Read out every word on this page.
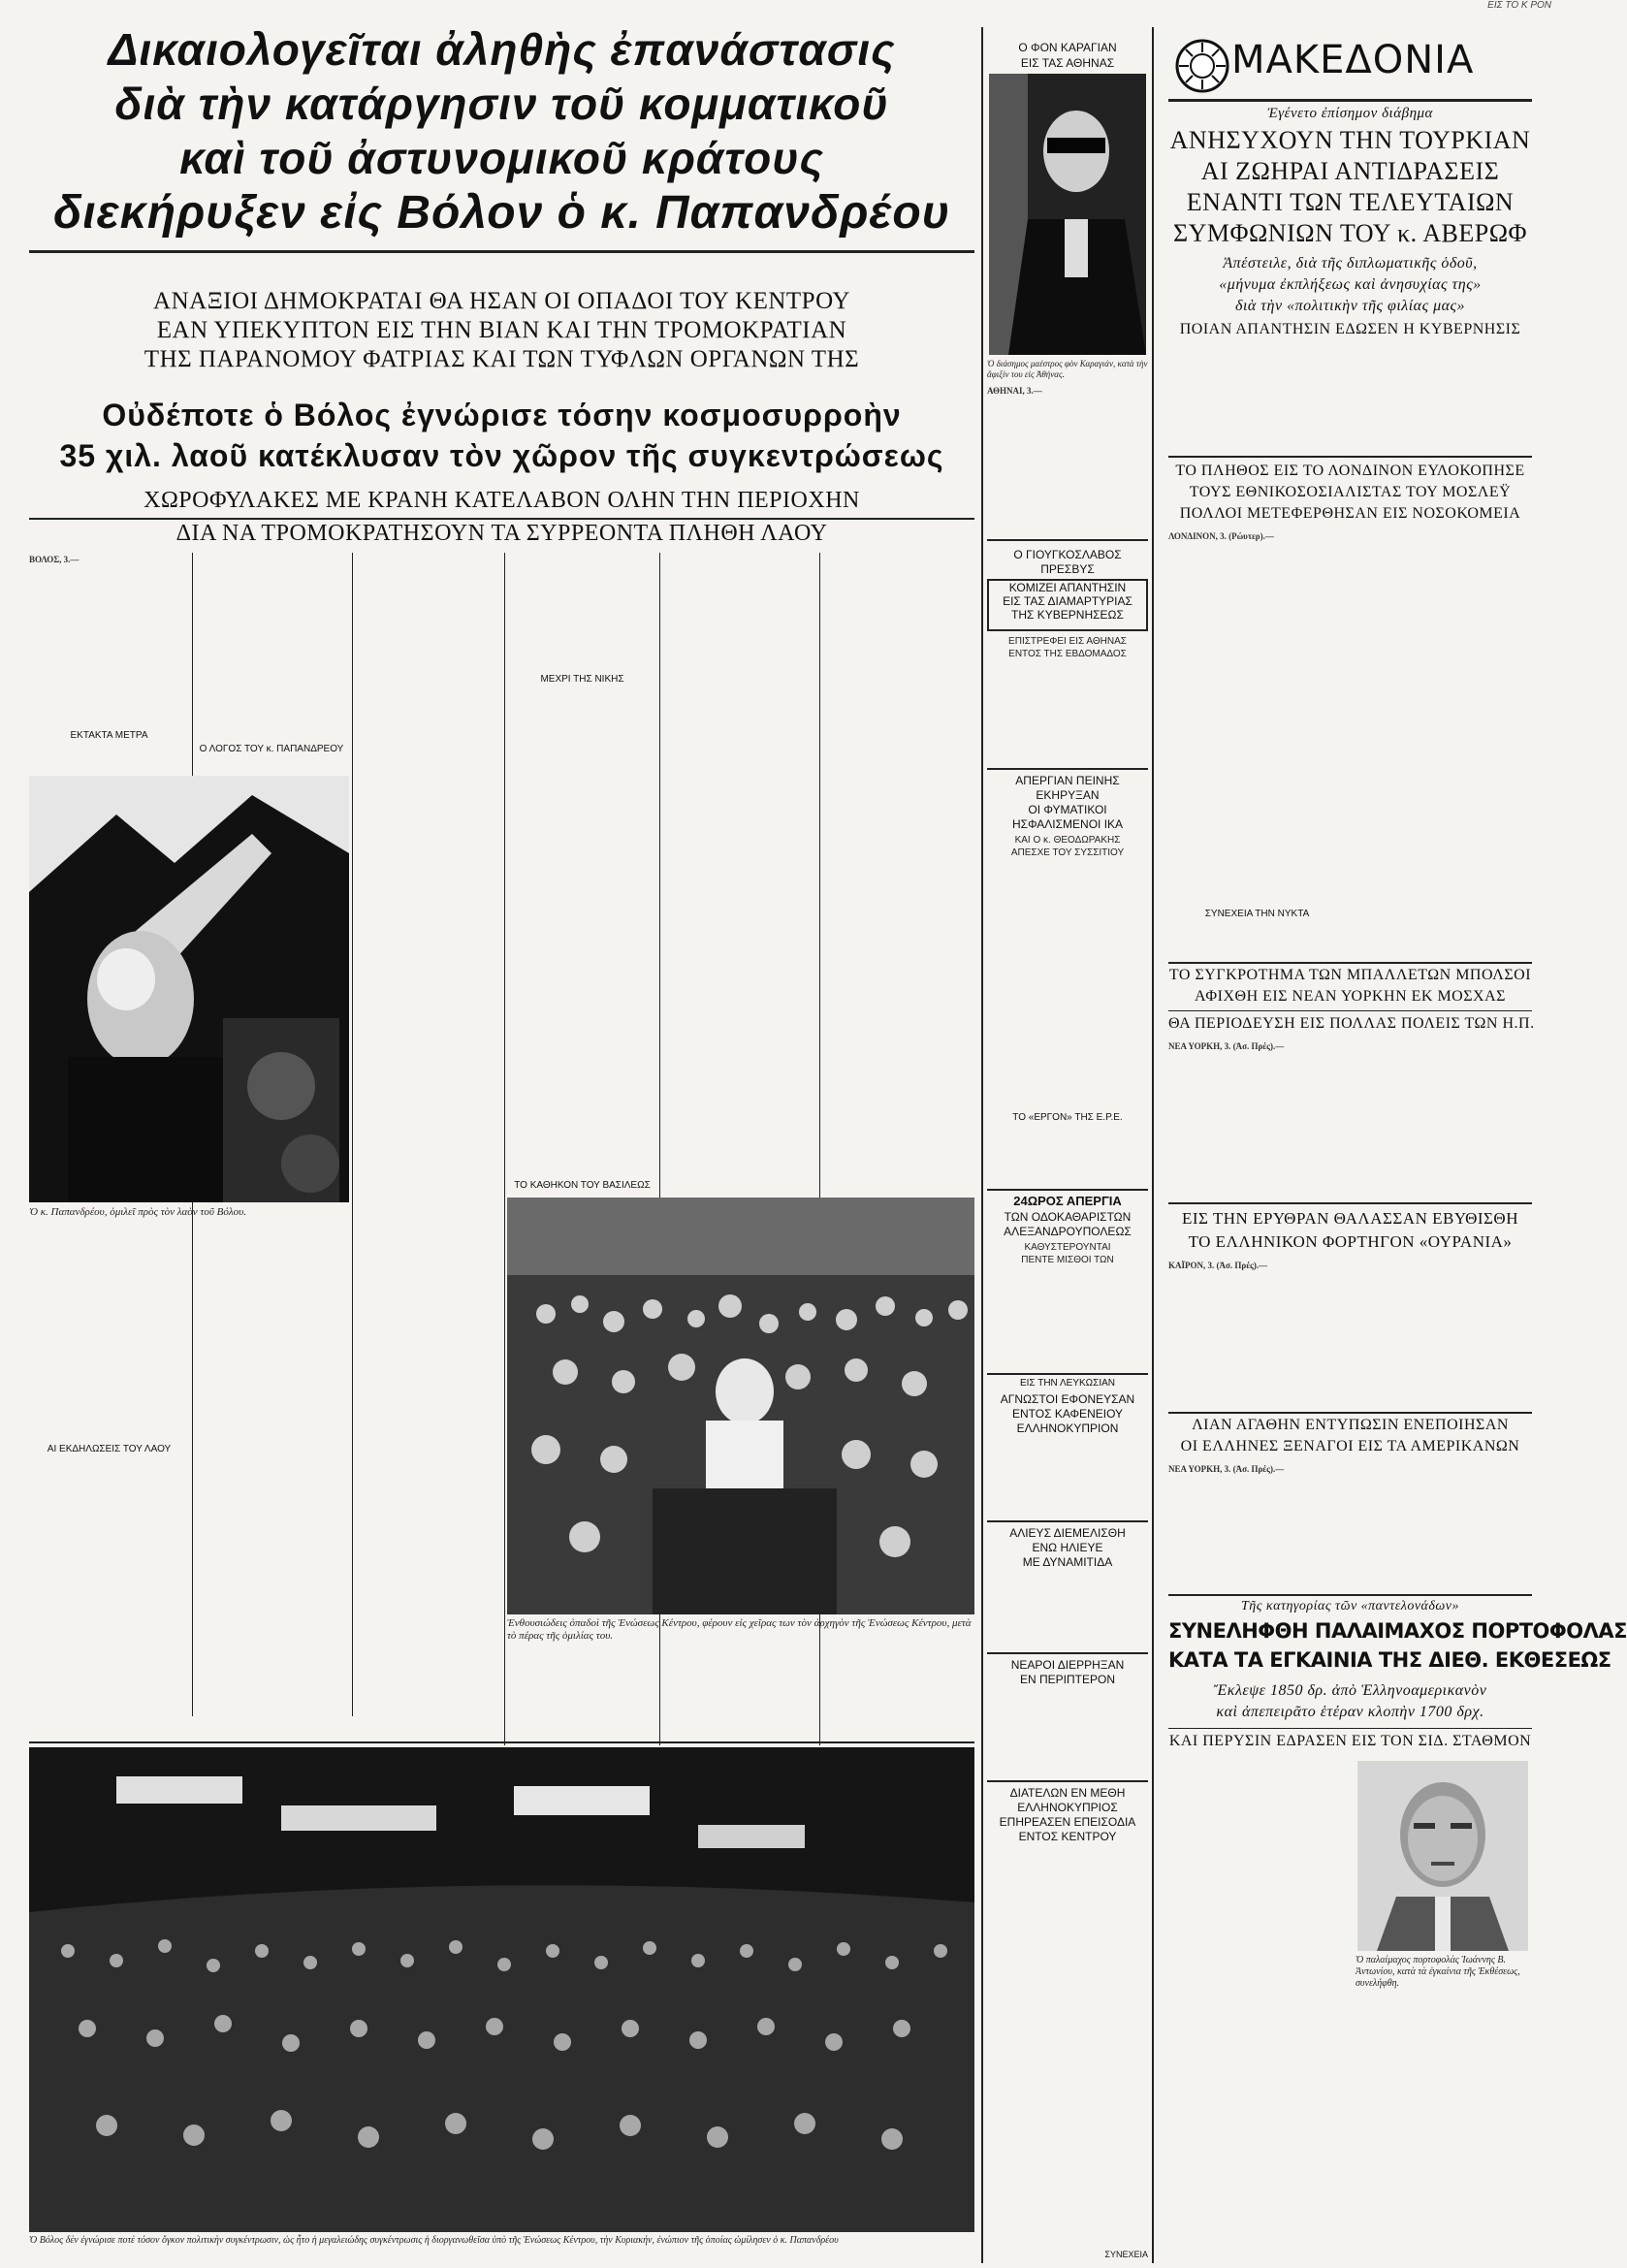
ΕΙΣ ΤΟ Κ ΡΟΝ
Δικαιολογεῖται ἀληθὴς ἐπανάστασις
διὰ τὴν κατάργησιν τοῦ κομματικοῦ
καὶ τοῦ ἀστυνομικοῦ κράτους
διεκήρυξεν εἰς Βόλον ὁ κ. Παπανδρέου
ΑΝΑΞΙΟΙ ΔΗΜΟΚΡΑΤΑΙ ΘΑ ΗΣΑΝ ΟΙ ΟΠΑΔΟΙ ΤΟΥ ΚΕΝΤΡΟΥ
ΕΑΝ ΥΠΕΚΥΠΤΟΝ ΕΙΣ ΤΗΝ ΒΙΑΝ ΚΑΙ ΤΗΝ ΤΡΟΜΟΚΡΑΤΙΑΝ
ΤΗΣ ΠΑΡΑΝΟΜΟΥ ΦΑΤΡΙΑΣ ΚΑΙ ΤΩΝ ΤΥΦΛΩΝ ΟΡΓΑΝΩΝ ΤΗΣ
Οὐδέποτε ὁ Βόλος ἐγνώρισε τόσην κοσμοσυρροὴν
35 χιλ. λαοῦ κατέκλυσαν τὸν χῶρον τῆς συγκεντρώσεως
ΧΩΡΟΦΥΛΑΚΕΣ ΜΕ ΚΡΑΝΗ ΚΑΤΕΛΑΒΟΝ ΟΛΗΝ ΤΗΝ ΠΕΡΙΟΧΗΝ
ΔΙΑ ΝΑ ΤΡΟΜΟΚΡΑΤΗΣΟΥΝ ΤΑ ΣΥΡΡΕΟΝΤΑ ΠΛΗΘΗ ΛΑΟΥ
ΒΟΛΟΣ, 3.—
ΕΚΤΑΚΤΑ ΜΕΤΡΑ
Ὁ κ. Παπανδρέου, ὁμιλεῖ πρὸς τὸν λαὸν τοῦ Βόλου.
ΑΙ ΕΚΔΗΛΩΣΕΙΣ ΤΟΥ ΛΑΟΥ
Ο ΛΟΓΟΣ ΤΟΥ κ. ΠΑΠΑΝΔΡΕΟΥ
ΜΕΧΡΙ ΤΗΣ ΝΙΚΗΣ
ΤΟ ΚΑΘΗΚΟΝ ΤΟΥ ΒΑΣΙΛΕΩΣ
Ἐνθουσιώδεις ὀπαδοὶ τῆς Ἑνώσεως Κέντρου, φέρουν εἰς χεῖρας των τὸν ἀρχηγὸν τῆς Ἑνώσεως Κέντρου, μετὰ τὸ πέρας τῆς ὁμιλίας του.
Ὁ Βόλος δὲν ἐγνώρισε ποτὲ τόσον ὄγκον πολιτικὴν συγκέντρωσιν, ὡς ἦτο ἡ μεγαλειώδης συγκέντρωσις ἡ διοργανωθεῖσα ὑπὸ τῆς Ἑνώσεως Κέντρου, τὴν Κυριακήν, ἐνώπιον τῆς ὁποίας ὡμίλησεν ὁ κ. Παπανδρέου
Ο ΦΟΝ ΚΑΡΑΓΙΑΝ
ΕΙΣ ΤΑΣ ΑΘΗΝΑΣ
Ὁ διάσημος μαέστρος φὸν Καραγιάν, κατὰ τὴν ἄφιξίν του εἰς Ἀθήνας.
ΑΘΗΝΑΙ, 3.—
Ο ΓΙΟΥΓΚΟΣΛΑΒΟΣ
ΠΡΕΣΒΥΣ
ΚΟΜΙΖΕΙ ΑΠΑΝΤΗΣΙΝ
ΕΙΣ ΤΑΣ ΔΙΑΜΑΡΤΥΡΙΑΣ
ΤΗΣ ΚΥΒΕΡΝΗΣΕΩΣ
ΕΠΙΣΤΡΕΦΕΙ ΕΙΣ ΑΘΗΝΑΣ
ΕΝΤΟΣ ΤΗΣ ΕΒΔΟΜΑΔΟΣ
ΑΠΕΡΓΙΑΝ ΠΕΙΝΗΣ
ΕΚΗΡΥΞΑΝ
ΟΙ ΦΥΜΑΤΙΚΟΙ
ΗΣΦΑΛΙΣΜΕΝΟΙ ΙΚΑ
ΚΑΙ Ο κ. ΘΕΟΔΩΡΑΚΗΣ
ΑΠΕΣΧΕ ΤΟΥ ΣΥΣΣΙΤΙΟΥ
ΤΟ «ΕΡΓΟΝ» ΤΗΣ Ε.Ρ.Ε.
24ΩΡΟΣ ΑΠΕΡΓΙΑ
ΤΩΝ ΟΔΟΚΑΘΑΡΙΣΤΩΝ
ΑΛΕΞΑΝΔΡΟΥΠΟΛΕΩΣ
ΚΑΘΥΣΤΕΡΟΥΝΤΑΙ
ΠΕΝΤΕ ΜΙΣΘΟΙ ΤΩΝ
ΕΙΣ ΤΗΝ ΛΕΥΚΩΣΙΑΝ
ΑΓΝΩΣΤΟΙ ΕΦΟΝΕΥΣΑΝ
ΕΝΤΟΣ ΚΑΦΕΝΕΙΟΥ
ΕΛΛΗΝΟΚΥΠΡΙΟΝ
ΑΛΙΕΥΣ ΔΙΕΜΕΛΙΣΘΗ
ΕΝΩ ΗΛΙΕΥΕ
ΜΕ ΔΥΝΑΜΙΤΙΔΑ
ΝΕΑΡΟΙ ΔΙΕΡΡΗΞΑΝ
ΕΝ ΠΕΡΙΠΤΕΡΟΝ
ΔΙΑΤΕΛΩΝ ΕΝ ΜΕΘΗ
ΕΛΛΗΝΟΚΥΠΡΙΟΣ
ΕΠΗΡΕΑΣΕΝ ΕΠΕΙΣΟΔΙΑ
ΕΝΤΟΣ ΚΕΝΤΡΟΥ
ΣΥΝΕΧΕΙΑ
ΜΑΚΕΔΟΝΙΑ
Ἐγένετο ἐπίσημον διάβημα
ΑΝΗΣΥΧΟΥΝ ΤΗΝ ΤΟΥΡΚΙΑΝ
ΑΙ ΖΩΗΡΑΙ ΑΝΤΙΔΡΑΣΕΙΣ
ΕΝΑΝΤΙ ΤΩΝ ΤΕΛΕΥΤΑΙΩΝ
ΣΥΜΦΩΝΙΩΝ ΤΟΥ κ. ΑΒΕΡΩΦ
Ἀπέστειλε, διὰ τῆς διπλωματικῆς ὁδοῦ,
«μήνυμα ἐκπλήξεως καὶ ἀνησυχίας της»
διὰ τὴν «πολιτικὴν τῆς φιλίας μας»
ΠΟΙΑΝ ΑΠΑΝΤΗΣΙΝ ΕΔΩΣΕΝ Η ΚΥΒΕΡΝΗΣΙΣ
ΤΟ ΠΛΗΘΟΣ ΕΙΣ ΤΟ ΛΟΝΔΙΝΟΝ ΕΥΛΟΚΟΠΗΣΕ
ΤΟΥΣ ΕΘΝΙΚΟΣΟΣΙΑΛΙΣΤΑΣ ΤΟΥ ΜΟΣΛΕΫ
ΠΟΛΛΟΙ ΜΕΤΕΦΕΡΘΗΣΑΝ ΕΙΣ ΝΟΣΟΚΟΜΕΙΑ
ΛΟΝΔΙΝΟΝ, 3. (Ρώυτερ).—
ΣΥΝΕΧΕΙΑ ΤΗΝ ΝΥΚΤΑ
ΤΟ ΣΥΓΚΡΟΤΗΜΑ ΤΩΝ ΜΠΑΛΛΕΤΩΝ ΜΠΟΛΣΟΙ
ΑΦΙΧΘΗ ΕΙΣ ΝΕΑΝ ΥΟΡΚΗΝ ΕΚ ΜΟΣΧΑΣ
ΘΑ ΠΕΡΙΟΔΕΥΣΗ ΕΙΣ ΠΟΛΛΑΣ ΠΟΛΕΙΣ ΤΩΝ Η.Π.
ΝΕΑ ΥΟΡΚΗ, 3. (Ἀσ. Πρές).—
ΕΙΣ ΤΗΝ ΕΡΥΘΡΑΝ ΘΑΛΑΣΣΑΝ ΕΒΥΘΙΣΘΗ
ΤΟ ΕΛΛΗΝΙΚΟΝ ΦΟΡΤΗΓΟΝ «ΟΥΡΑΝΙΑ»
ΚΑΪΡΟΝ, 3. (Ἀσ. Πρές).—
ΛΙΑΝ ΑΓΑΘΗΝ ΕΝΤΥΠΩΣΙΝ ΕΝΕΠΟΙΗΣΑΝ
ΟΙ ΕΛΛΗΝΕΣ ΞΕΝΑΓΟΙ ΕΙΣ ΤΑ ΑΜΕΡΙΚΑΝΩΝ
ΝΕΑ ΥΟΡΚΗ, 3. (Ἀσ. Πρές).—
Τῆς κατηγορίας τῶν «παντελονάδων»
ΣΥΝΕΛΗΦΘΗ ΠΑΛΑΙΜΑΧΟΣ ΠΟΡΤΟΦΟΛΑΣ
ΚΑΤΑ ΤΑ ΕΓΚΑΙΝΙΑ ΤΗΣ ΔΙΕΘ. ΕΚΘΕΣΕΩΣ
Ἔκλεψε 1850 δρ. ἀπὸ Ἑλληνοαμερικανὸν
καὶ ἀπεπειρᾶτο ἑτέραν κλοπὴν 1700 δρχ.
ΚΑΙ ΠΕΡΥΣΙΝ ΕΔΡΑΣΕΝ ΕΙΣ ΤΟΝ ΣΙΔ. ΣΤΑΘΜΟΝ
Ὁ παλαίμαχος πορτοφολὰς Ἰωάννης Β. Ἀντωνίου, κατὰ τὰ ἐγκαίνια τῆς Ἐκθέσεως, συνελήφθη.
